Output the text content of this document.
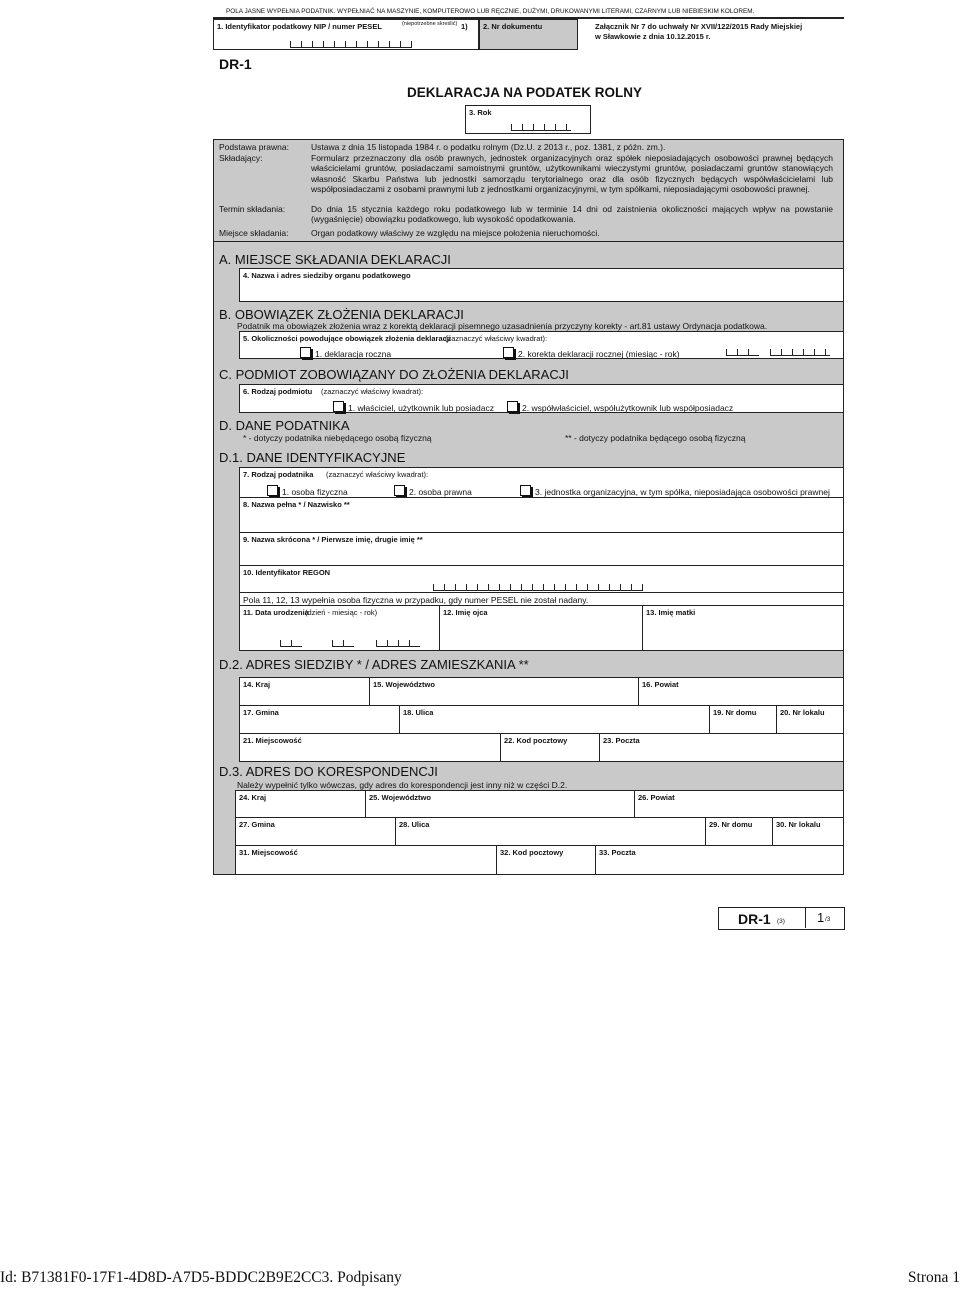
POLA JASNE WYPEŁNIA PODATNIK. WYPEŁNIAĆ NA MASZYNIE, KOMPUTEROWO LUB RĘCZNIE, DUŻYMI, DRUKOWANYMI LITERAMI, CZARNYM LUB NIEBIESKIM KOLOREM.
1. Identyfikator podatkowy NIP / numer PESEL	(niepotrzebne skreślić) 1) 2. Nr dokumentu	Załącznik Nr 7 do uchwały Nr XVII/122/2015 Rady Miejskiej
w Sławkowie z dnia 10.12.2015 r.
DR-1
DEKLARACJA NA PODATEK ROLNY
3. Rok
Podstawa prawna:	Ustawa z dnia 15 listopada 1984 r. o podatku rolnym (Dz.U. z 2013 r., poz. 1381, z późn. zm.).
Składający:	Formularz przeznaczony dla osób prawnych, jednostek organizacyjnych oraz spółek nieposiadających osobowości prawnej będących właścicielami gruntów, posiadaczami samoistnymi gruntów, użytkownikami wieczystymi gruntów, posiadaczami gruntów stanowiących własność Skarbu Państwa lub jednostki samorządu terytorialnego oraz dla osób fizycznych będących współwłaścicielami lub współposiadaczami z osobami prawnymi lub z jednostkami organizacyjnymi, w tym spółkami, nieposiadającymi osobowości prawnej.
Termin składania:	Do dnia 15 stycznia każdego roku podatkowego lub w terminie 14 dni od zaistnienia okoliczności mających wpływ na powstanie (wygaśnięcie) obowiązku podatkowego, lub wysokość opodatkowania.
Miejsce składania:	Organ podatkowy właściwy ze względu na miejsce położenia nieruchomości.
A. MIEJSCE SKŁADANIA DEKLARACJI
4. Nazwa i adres siedziby organu podatkowego
B. OBOWIĄZEK ZŁOŻENIA DEKLARACJI
Podatnik ma obowiązek złożenia wraz z korektą deklaracji pisemnego uzasadnienia przyczyny korekty - art.81 ustawy Ordynacja podatkowa.
5. Okoliczności powodujące obowiązek złożenia deklaracji
(zaznaczyć właściwy kwadrat):
1. deklaracja roczna	2. korekta deklaracji rocznej (miesiąc - rok)
C. PODMIOT ZOBOWIĄZANY DO ZŁOŻENIA DEKLARACJI
6. Rodzaj podmiotu (zaznaczyć właściwy kwadrat):
1. właściciel, użytkownik lub posiadacz	2. współwłaściciel, współużytkownik lub współposiadacz
D. DANE PODATNIKA
* - dotyczy podatnika niebędącego osobą fizyczną	** - dotyczy podatnika będącego osobą fizyczną
D.1. DANE IDENTYFIKACYJNE
7. Rodzaj podatnika (zaznaczyć właściwy kwadrat):
1. osoba fizyczna	2. osoba prawna	3. jednostka organizacyjna, w tym spółka, nieposiadająca osobowości prawnej
8. Nazwa pełna * / Nazwisko **
9. Nazwa skrócona * / Pierwsze imię, drugie imię **
10. Identyfikator REGON
Pola 11, 12, 13 wypełnia osoba fizyczna w przypadku, gdy numer PESEL nie został nadany.
11. Data urodzenia
(dzień - miesiąc - rok)	12. Imię ojca	13. Imię matki
D.2. ADRES SIEDZIBY * / ADRES ZAMIESZKANIA **
14. Kraj	15. Województwo	16. Powiat
17. Gmina	18. Ulica	19. Nr domu	20. Nr lokalu
21. Miejscowość	22. Kod pocztowy	23. Poczta
D.3. ADRES DO KORESPONDENCJI
Należy wypełnić tylko wówczas, gdy adres do korespondencji jest inny niż w części D.2.
24. Kraj	25. Województwo	26. Powiat
27. Gmina	28. Ulica	29. Nr domu	30. Nr lokalu
31. Miejscowość	32. Kod pocztowy	33. Poczta
DR-1 (3) 1 /3
Id: B71381F0-17F1-4D8D-A7D5-BDDC2B9E2CC3. Podpisany	Strona 1
